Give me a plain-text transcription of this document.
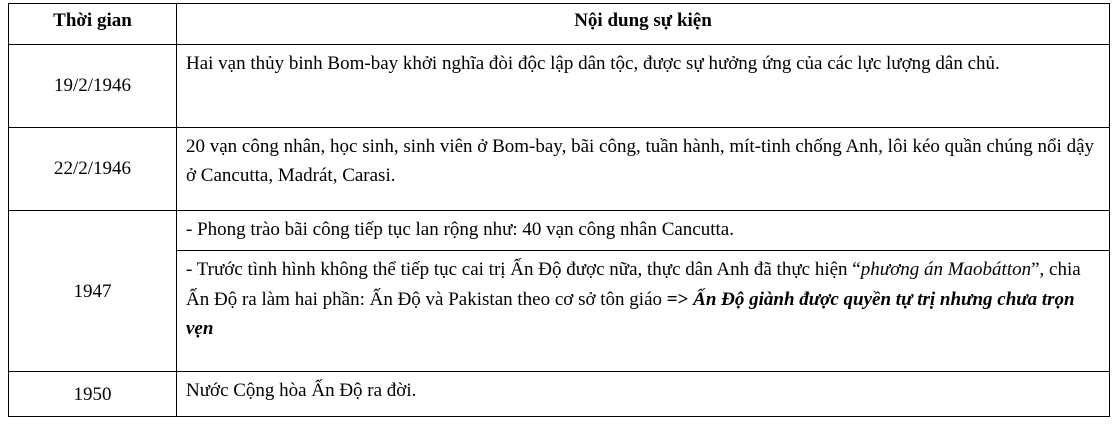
Thời gian	Nội dung sự kiện
19/2/1946	Hai vạn thủy binh Bom-bay khởi nghĩa đòi độc lập dân tộc, được sự hưởng ứng của các lực lượng dân chủ.
22/2/1946	20 vạn công nhân, học sinh, sinh viên ở Bom-bay, bãi công, tuần hành, mít-tinh chống Anh, lôi kéo quần chúng nổi dậy ở Cancutta, Madrát, Carasi.
1947	- Phong trào bãi công tiếp tục lan rộng như: 40 vạn công nhân Cancutta.
	- Trước tình hình không thể tiếp tục cai trị Ấn Độ được nữa, thực dân Anh đã thực hiện “phương án Maobátton”, chia Ấn Độ ra làm hai phần: Ấn Độ và Pakistan theo cơ sở tôn giáo => Ấn Độ giành được quyền tự trị nhưng chưa trọn vẹn
1950	Nước Cộng hòa Ấn Độ ra đời.
